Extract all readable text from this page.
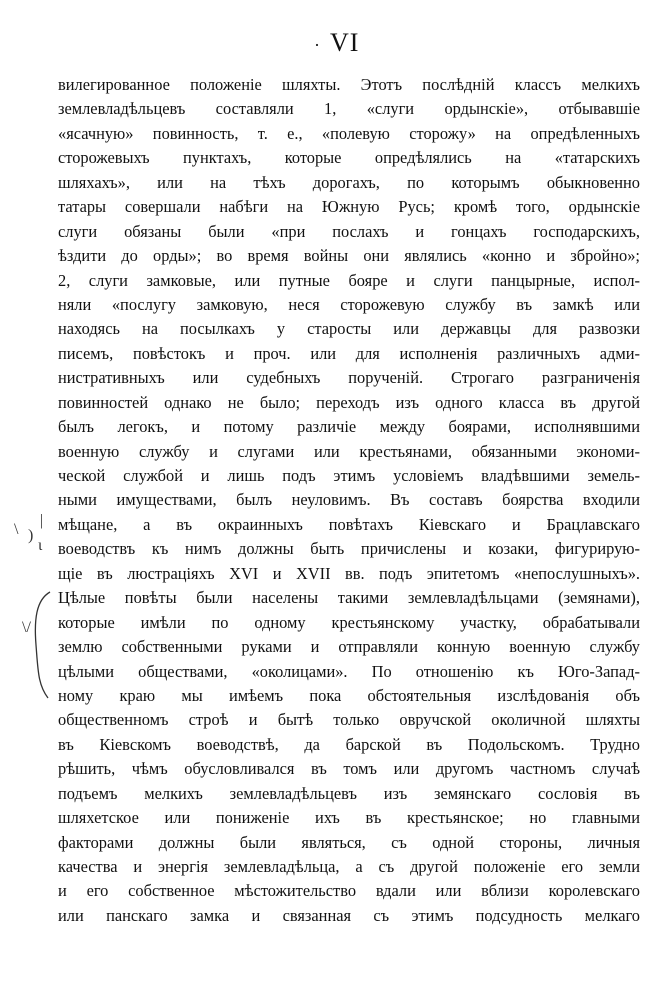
· VI
|
\ )
ι
\/
вилегированное положеніе шляхты. Этотъ послѣдній классъ мелкихъ
землевладѣльцевъ составляли 1, «слуги ордынскіе», отбывавшіе
«ясачную» повинность, т. е., «полевую сторожу» на опредѣленныхъ
сторожевыхъ пунктахъ, которые опредѣлялись на «татарскихъ
шляхахъ», или на тѣхъ дорогахъ, по которымъ обыкновенно
татары совершали набѣги на Южную Русь; кромѣ того, ордынскіе
слуги обязаны были «при послахъ и гонцахъ господарскихъ,
ѣздити до орды»; во время войны они являлись «конно и збройно»;
2, слуги замковые, или путные бояре и слуги панцырные, испол-
няли «послугу замковую, неся сторожевую службу въ замкѣ или
находясь на посылкахъ у старосты или державцы для развозки
писемъ, повѣстокъ и проч. или для исполненія различныхъ адми-
нистративныхъ или судебныхъ порученій. Строгаго разграниченія
повинностей однако не было; переходъ изъ одного класса въ другой
былъ легокъ, и потому различіе между боярами, исполнявшими
военную службу и слугами или крестьянами, обязанными экономи-
ческой службой и лишь подъ этимъ условіемъ владѣвшими земель-
ными имуществами, былъ неуловимъ. Въ составъ боярства входили
мѣщане, а въ окраинныхъ повѣтахъ Кіевскаго и Брацлавскаго
воеводствъ къ нимъ должны быть причислены и козаки, фигурирую-
щіе въ люстраціяхъ XVI и XVII вв. подъ эпитетомъ «непослушныхъ».
Цѣлые повѣты были населены такими землевладѣльцами (земянами),
которые имѣли по одному крестьянскому участку, обрабатывали
землю собственными руками и отправляли конную военную службу
цѣлыми обществами, «околицами». По отношенію къ Юго-Запад-
ному краю мы имѣемъ пока обстоятельныя изслѣдованія объ
общественномъ строѣ и бытѣ только овручской околичной шляхты
въ Кіевскомъ воеводствѣ, да барской въ Подольскомъ. Трудно
рѣшить, чѣмъ обусловливался въ томъ или другомъ частномъ случаѣ
подъемъ мелкихъ землевладѣльцевъ изъ земянскаго сословія въ
шляхетское или пониженіе ихъ въ крестьянское; но главными
факторами должны были являться, съ одной стороны, личныя
качества и энергія землевладѣльца, а съ другой положеніе его земли
и его собственное мѣстожительство вдали или вблизи королевскаго
или панскаго замка и связанная съ этимъ подсудность мелкаго
